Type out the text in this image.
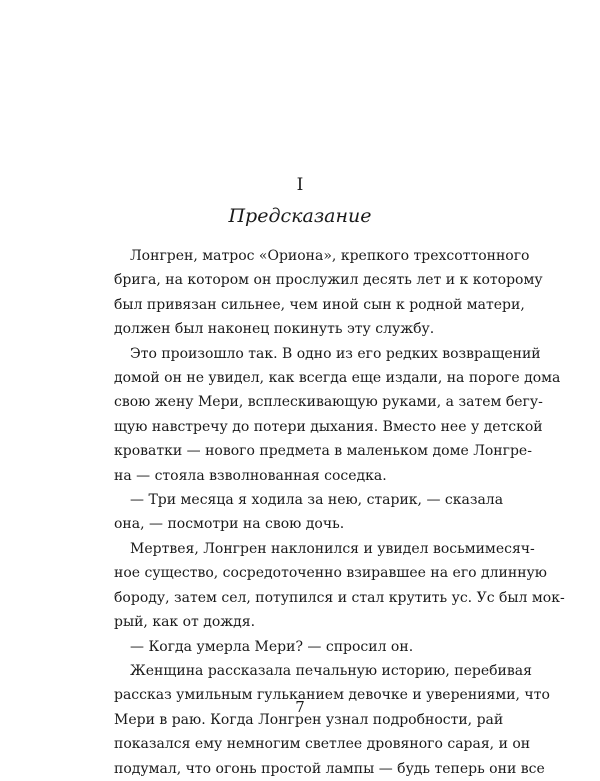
I
Предсказание

Лонгрен, матрос «Ориона», крепкого трехсоттонного
брига, на котором он прослужил десять лет и к которому
был привязан сильнее, чем иной сын к родной матери,
должен был наконец покинуть эту службу.

Это произошло так. В одно из его редких возвращений
домой он не увидел, как всегда еще издали, на пороге дома
свою жену Мери, всплескивающую руками, а затем бегу-
щую навстречу до потери дыхания. Вместо нее у детской
кроватки — нового предмета в маленьком доме Лонгре-
на — стояла взволнованная соседка.

— Три месяца я ходила за нею, старик, — сказала
она, — посмотри на свою дочь.

Мертвея, Лонгрен наклонился и увидел восьмимесяч-
ное существо, сосредоточенно взиравшее на его длинную
бороду, затем сел, потупился и стал крутить ус. Ус был мок-
рый, как от дождя.

— Когда умерла Мери? — спросил он.

Женщина рассказала печальную историю, перебивая
рассказ умильным гульканием девочке и уверениями, что
Мери в раю. Когда Лонгрен узнал подробности, рай
показался ему немногим светлее дровяного сарая, и он
подумал, что огонь простой лампы — будь теперь они все

7
